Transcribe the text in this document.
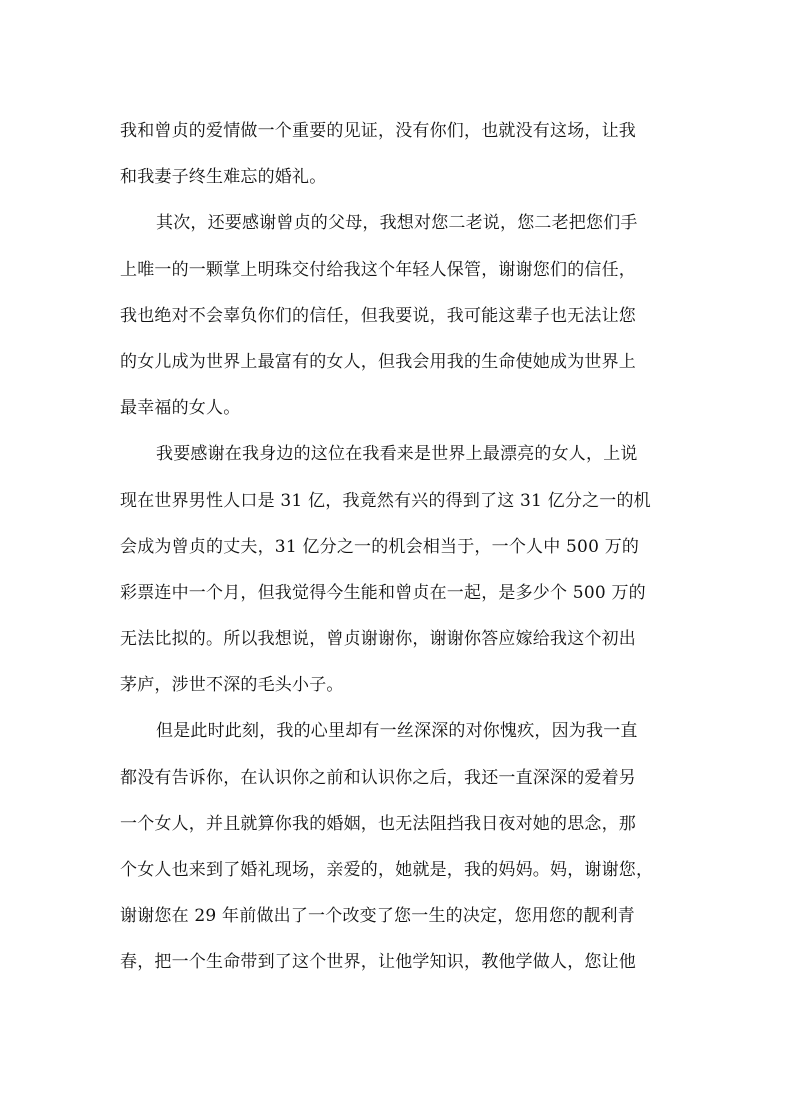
我和曾贞的爱情做一个重要的见证，没有你们，也就没有这场，让我
和我妻子终生难忘的婚礼。
其次，还要感谢曾贞的父母，我想对您二老说，您二老把您们手
上唯一的一颗掌上明珠交付给我这个年轻人保管，谢谢您们的信任，
我也绝对不会辜负你们的信任，但我要说，我可能这辈子也无法让您
的女儿成为世界上最富有的女人，但我会用我的生命使她成为世界上
最幸福的女人。
我要感谢在我身边的这位在我看来是世界上最漂亮的女人，上说
现在世界男性人口是 31 亿，我竟然有兴的得到了这 31 亿分之一的机
会成为曾贞的丈夫，31 亿分之一的机会相当于，一个人中 500 万的
彩票连中一个月，但我觉得今生能和曾贞在一起，是多少个 500 万的
无法比拟的。所以我想说，曾贞谢谢你，谢谢你答应嫁给我这个初出
茅庐，涉世不深的毛头小子。
但是此时此刻，我的心里却有一丝深深的对你愧疚，因为我一直
都没有告诉你，在认识你之前和认识你之后，我还一直深深的爱着另
一个女人，并且就算你我的婚姻，也无法阻挡我日夜对她的思念，那
个女人也来到了婚礼现场，亲爱的，她就是，我的妈妈。妈，谢谢您，
谢谢您在 29 年前做出了一个改变了您一生的决定，您用您的靓利青
春，把一个生命带到了这个世界，让他学知识，教他学做人，您让他
